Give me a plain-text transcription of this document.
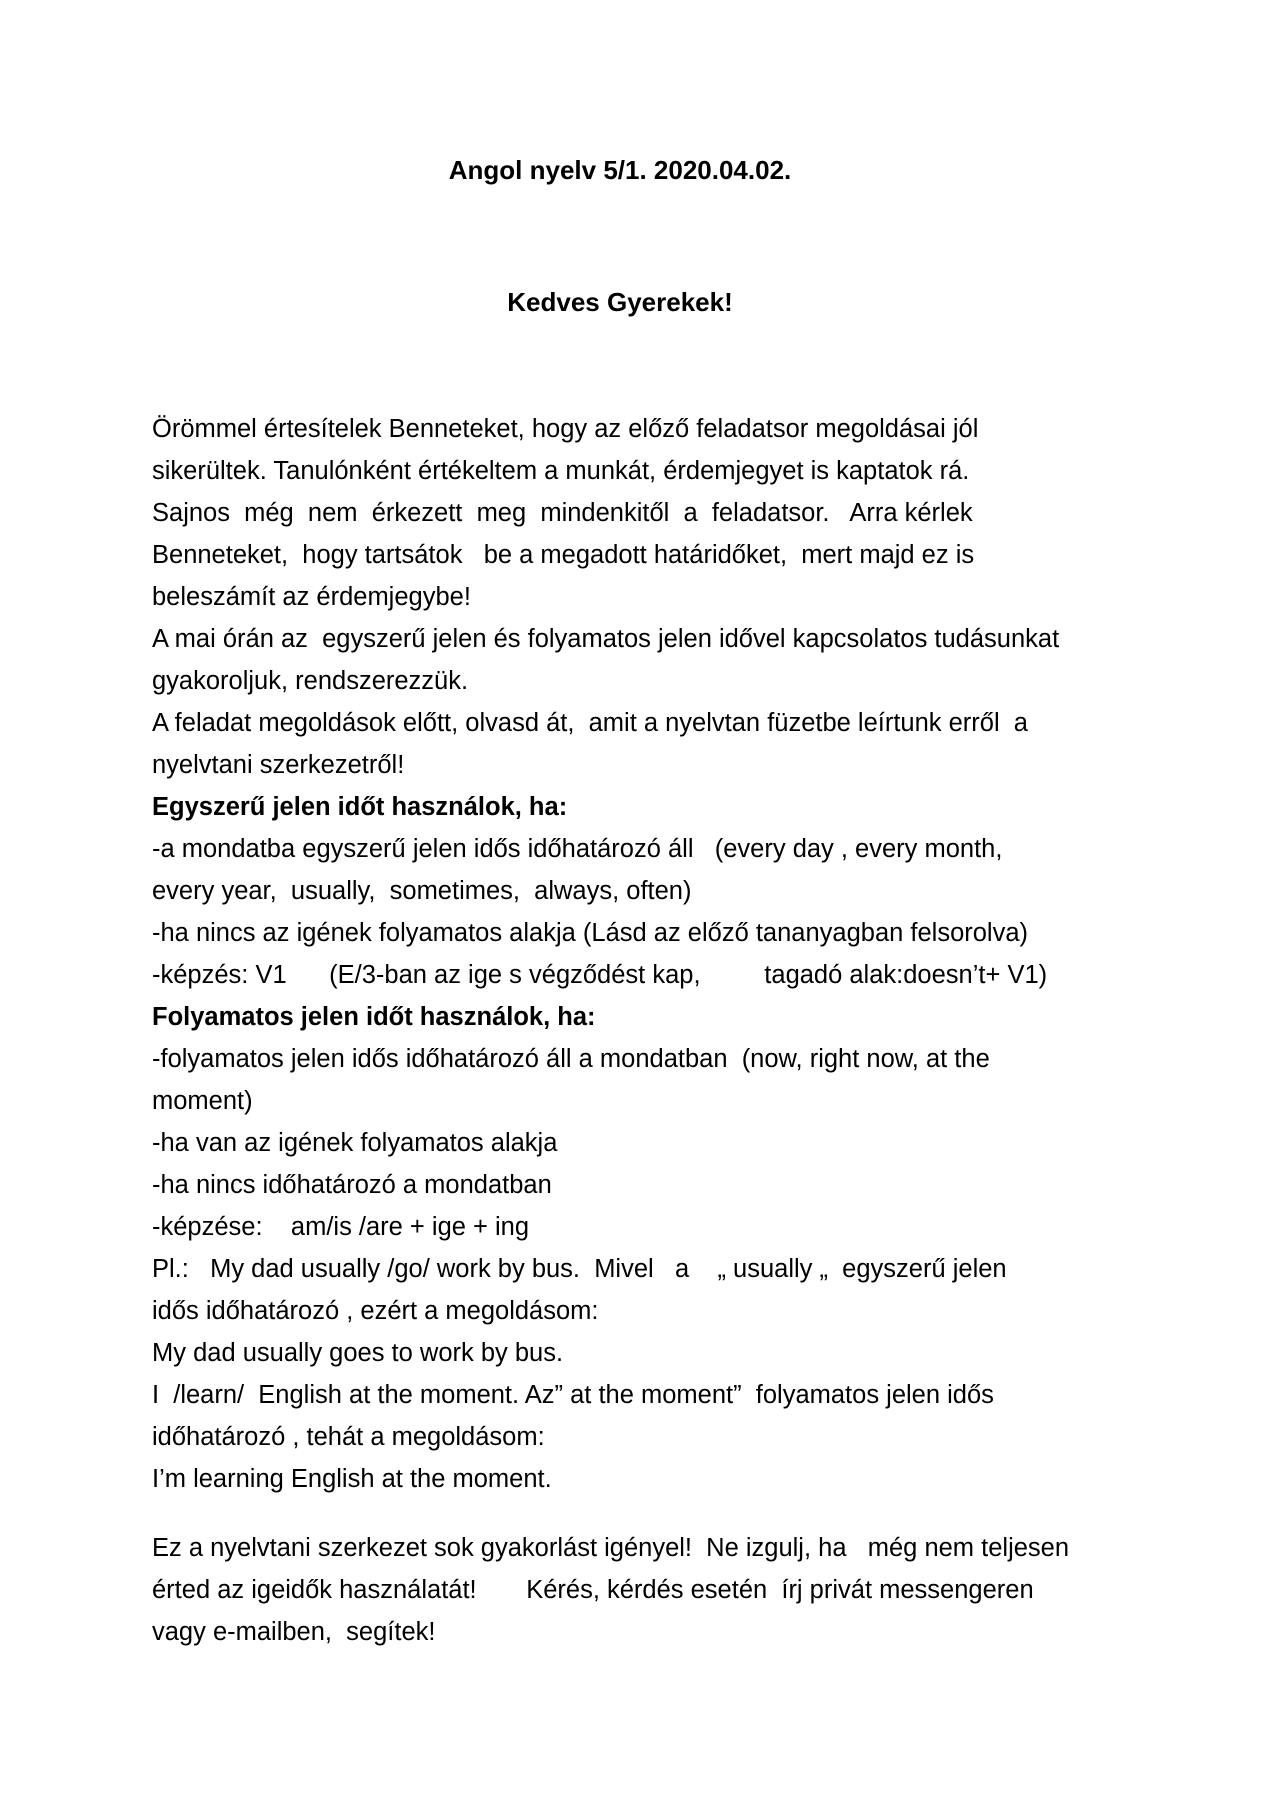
Angol nyelv 5/1. 2020.04.02.
Kedves Gyerekek!
Örömmel értesítelek Benneteket, hogy az előző feladatsor megoldásai jól
sikerültek. Tanulónként értékeltem a munkát, érdemjegyet is kaptatok rá.
Sajnos  még  nem  érkezett  meg  mindenkitől  a  feladatsor.   Arra kérlek
Benneteket,  hogy tartsátok   be a megadott határidőket,  mert majd ez is
beleszámít az érdemjegybe!
A mai órán az  egyszerű jelen és folyamatos jelen idővel kapcsolatos tudásunkat
gyakoroljuk, rendszerezzük.
A feladat megoldások előtt, olvasd át,  amit a nyelvtan füzetbe leírtunk erről  a
nyelvtani szerkezetről!
Egyszerű jelen időt használok, ha:
-a mondatba egyszerű jelen idős időhatározó áll   (every day , every month,
every year,  usually,  sometimes,  always, often)
-ha nincs az igének folyamatos alakja (Lásd az előző tananyagban felsorolva)
-képzés: V1      (E/3-ban az ige s végződést kap,         tagadó alak:doesn’t+ V1)
Folyamatos jelen időt használok, ha:
-folyamatos jelen idős időhatározó áll a mondatban  (now, right now, at the
moment)
-ha van az igének folyamatos alakja
-ha nincs időhatározó a mondatban
-képzése:    am/is /are + ige + ing
Pl.:   My dad usually /go/ work by bus.  Mivel   a    „ usually „  egyszerű jelen
idős időhatározó , ezért a megoldásom:
My dad usually goes to work by bus.
I  /learn/  English at the moment. Az” at the moment”  folyamatos jelen idős
időhatározó , tehát a megoldásom:
I’m learning English at the moment.
Ez a nyelvtani szerkezet sok gyakorlást igényel!  Ne izgulj, ha   még nem teljesen
érted az igeidők használatát!       Kérés, kérdés esetén  írj privát messengeren
vagy e-mailben,  segítek!
